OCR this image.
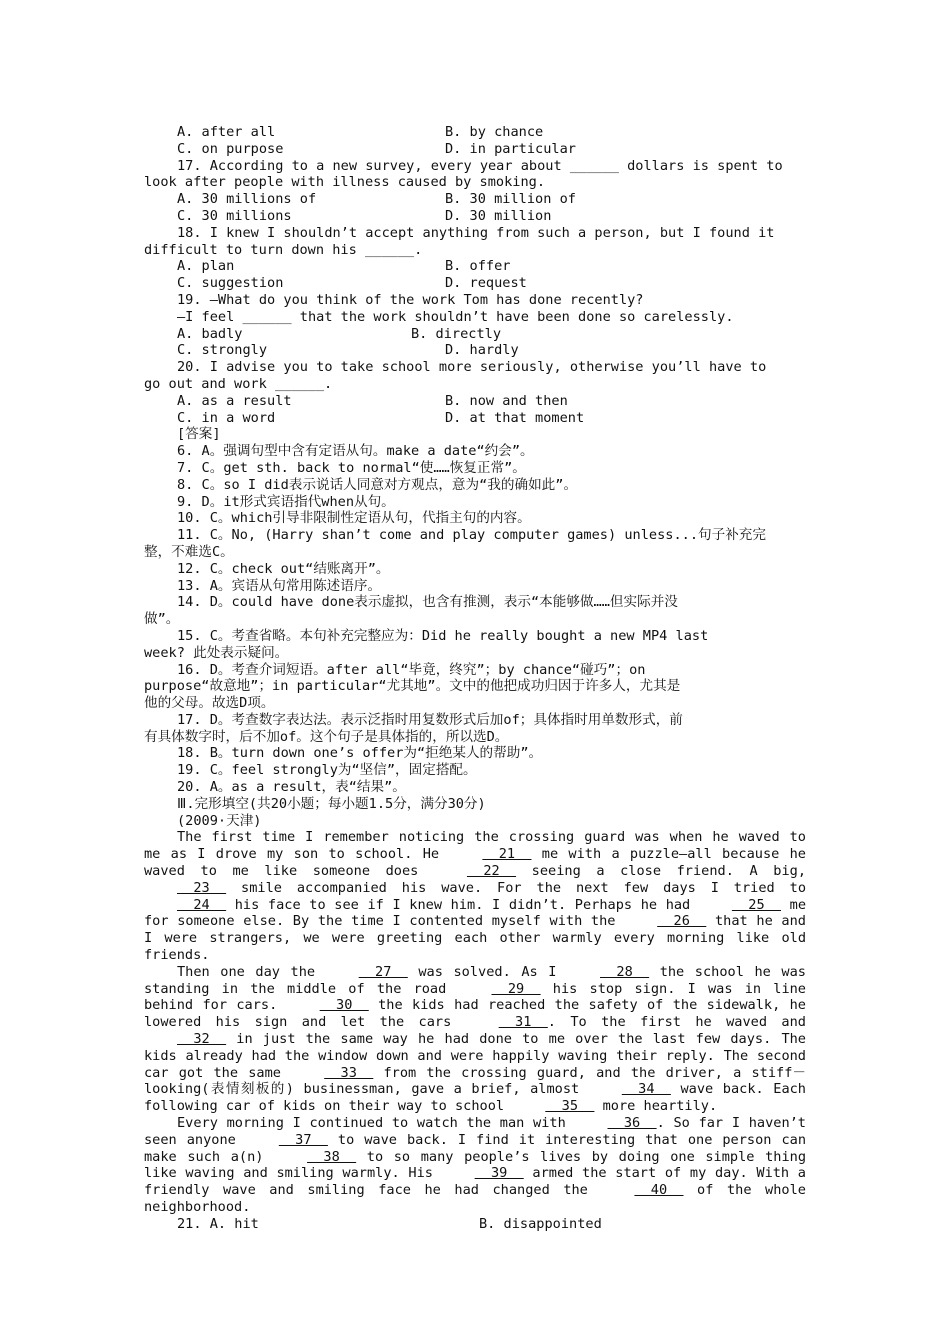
A. after all	B. by chance
C. on purpose	D. in particular
17. According to a new survey, every year about ______ dollars is spent to
look after people with illness caused by smoking.
A. 30 millions of	B. 30 million of
C. 30 millions	D. 30 million
18. I knew I shouldn’t accept anything from such a person, but I found it
difficult to turn down his ______.
A. plan	B. offer
C. suggestion	D. request
19. —What do you think of the work Tom has done recently?
—I feel ______ that the work shouldn’t have been done so carelessly.
A. badly	B. directly
C. strongly	D. hardly
20. I advise you to take school more seriously, otherwise you’ll have to
go out and work ______.
A. as a result	B. now and then
C. in a word	D. at that moment
[答案]
6. A。强调句型中含有定语从句。make a date“约会”。
7. C。get sth. back to normal“使……恢复正常”。
8. C。so I did表示说话人同意对方观点，意为“我的确如此”。
9. D。it形式宾语指代when从句。
10. C。which引导非限制性定语从句，代指主句的内容。
11. C。No, (Harry shan’t come and play computer games) unless...句子补充完
整，不难选C。
12. C。check out“结账离开”。
13. A。宾语从句常用陈述语序。
14. D。could have done表示虚拟，也含有推测，表示“本能够做……但实际并没
做”。
15. C。考查省略。本句补充完整应为：Did he really bought a new MP4 last
week? 此处表示疑问。
16. D。考查介词短语。after all“毕竟，终究”；by chance“碰巧”；on
purpose“故意地”；in particular“尤其地”。文中的他把成功归因于许多人，尤其是
他的父母。故选D项。
17. D。考查数字表达法。表示泛指时用复数形式后加of；具体指时用单数形式，前
有具体数字时，后不加of。这个句子是具体指的，所以选D。
18. B。turn down one’s offer为“拒绝某人的帮助”。
19. C。feel strongly为“坚信”，固定搭配。
20. A。as a result，表“结果”。
Ⅲ.完形填空(共20小题；每小题1.5分，满分30分)
(2009·天津)
The first time I remember noticing the crossing guard was when he waved to me as I drove my son to school. He   21   me with a puzzle—all because he waved to me like someone does   22   seeing a close friend. A big,   23   smile accompanied his wave. For the next few days I tried to   24   his face to see if I knew him. I didn’t. Perhaps he had   25   me for someone else. By the time I contented myself with the   26   that he and I were strangers, we were greeting each other warmly every morning like old friends.
Then one day the   27   was solved. As I   28   the school he was standing in the middle of the road   29   his stop sign. I was in line behind for cars.   30   the kids had reached the safety of the sidewalk, he lowered his sign and let the cars   31  . To the first he waved and   32   in just the same way he had done to me over the last few days. The kids already had the window down and were happily waving their reply. The second car got the same   33   from the crossing guard, and the driver, a stiff－looking(表情刻板的) businessman, gave a brief, almost   34   wave back. Each following car of kids on their way to school   35   more heartily.
Every morning I continued to watch the man with   36  . So far I haven’t seen anyone   37   to wave back. I find it interesting that one person can make such a(n)   38   to so many people’s lives by doing one simple thing like waving and smiling warmly. His   39   armed the start of my day. With a friendly wave and smiling face he had changed the   40   of the whole neighborhood.
21. A. hit	B. disappointed
